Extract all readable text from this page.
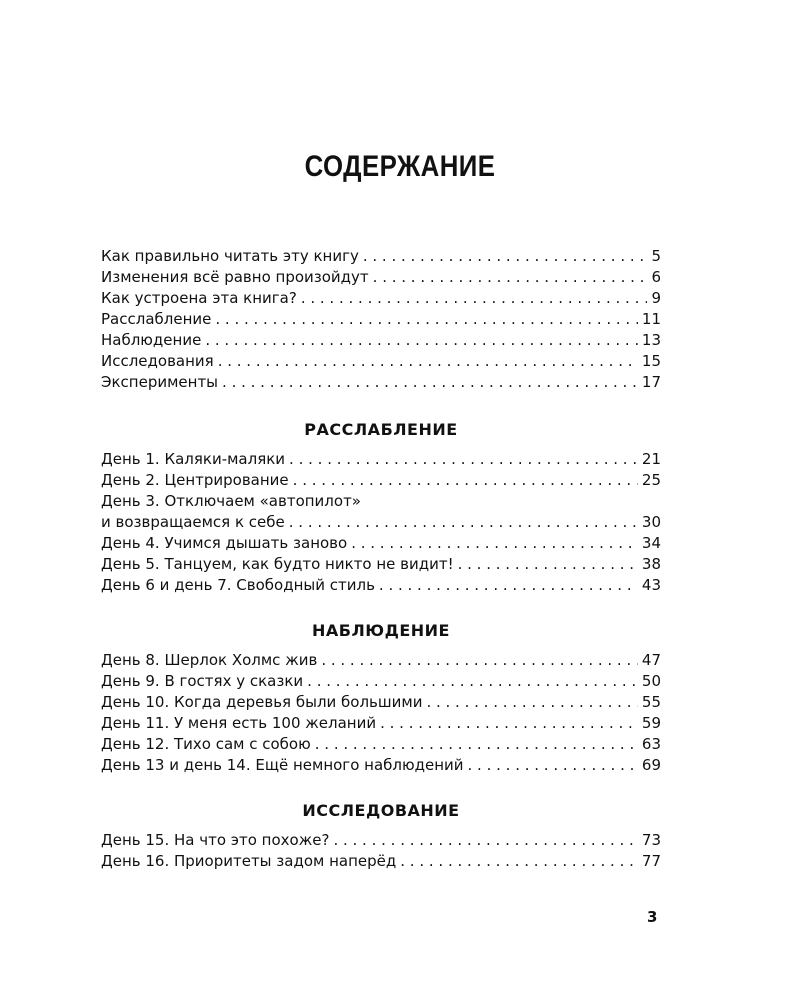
СОДЕРЖАНИЕ
Как правильно читать эту книгу . . .	5
Изменения всё равно произойдут . . .	6
Как устроена эта книга? . . .	9
Расслабление . . .	11
Наблюдение . . .	13
Исследования . . .	15
Эксперименты . . .	17
РАССЛАБЛЕНИЕ
День 1. Каляки-маляки . . .	21
День 2. Центрирование . . .	25
День 3. Отключаем «автопилот»
и возвращаемся к себе . . .	30
День 4. Учимся дышать заново . . .	34
День 5. Танцуем, как будто никто не видит! . . .	38
День 6 и день 7. Свободный стиль . . .	43
НАБЛЮДЕНИЕ
День 8. Шерлок Холмс жив . . .	47
День 9. В гостях у сказки . . .	50
День 10. Когда деревья были большими . . .	55
День 11. У меня есть 100 желаний . . .	59
День 12. Тихо сам с собою . . .	63
День 13 и день 14. Ещё немного наблюдений . . .	69
ИССЛЕДОВАНИЕ
День 15. На что это похоже? . . .	73
День 16. Приоритеты задом наперёд . . .	77
3
